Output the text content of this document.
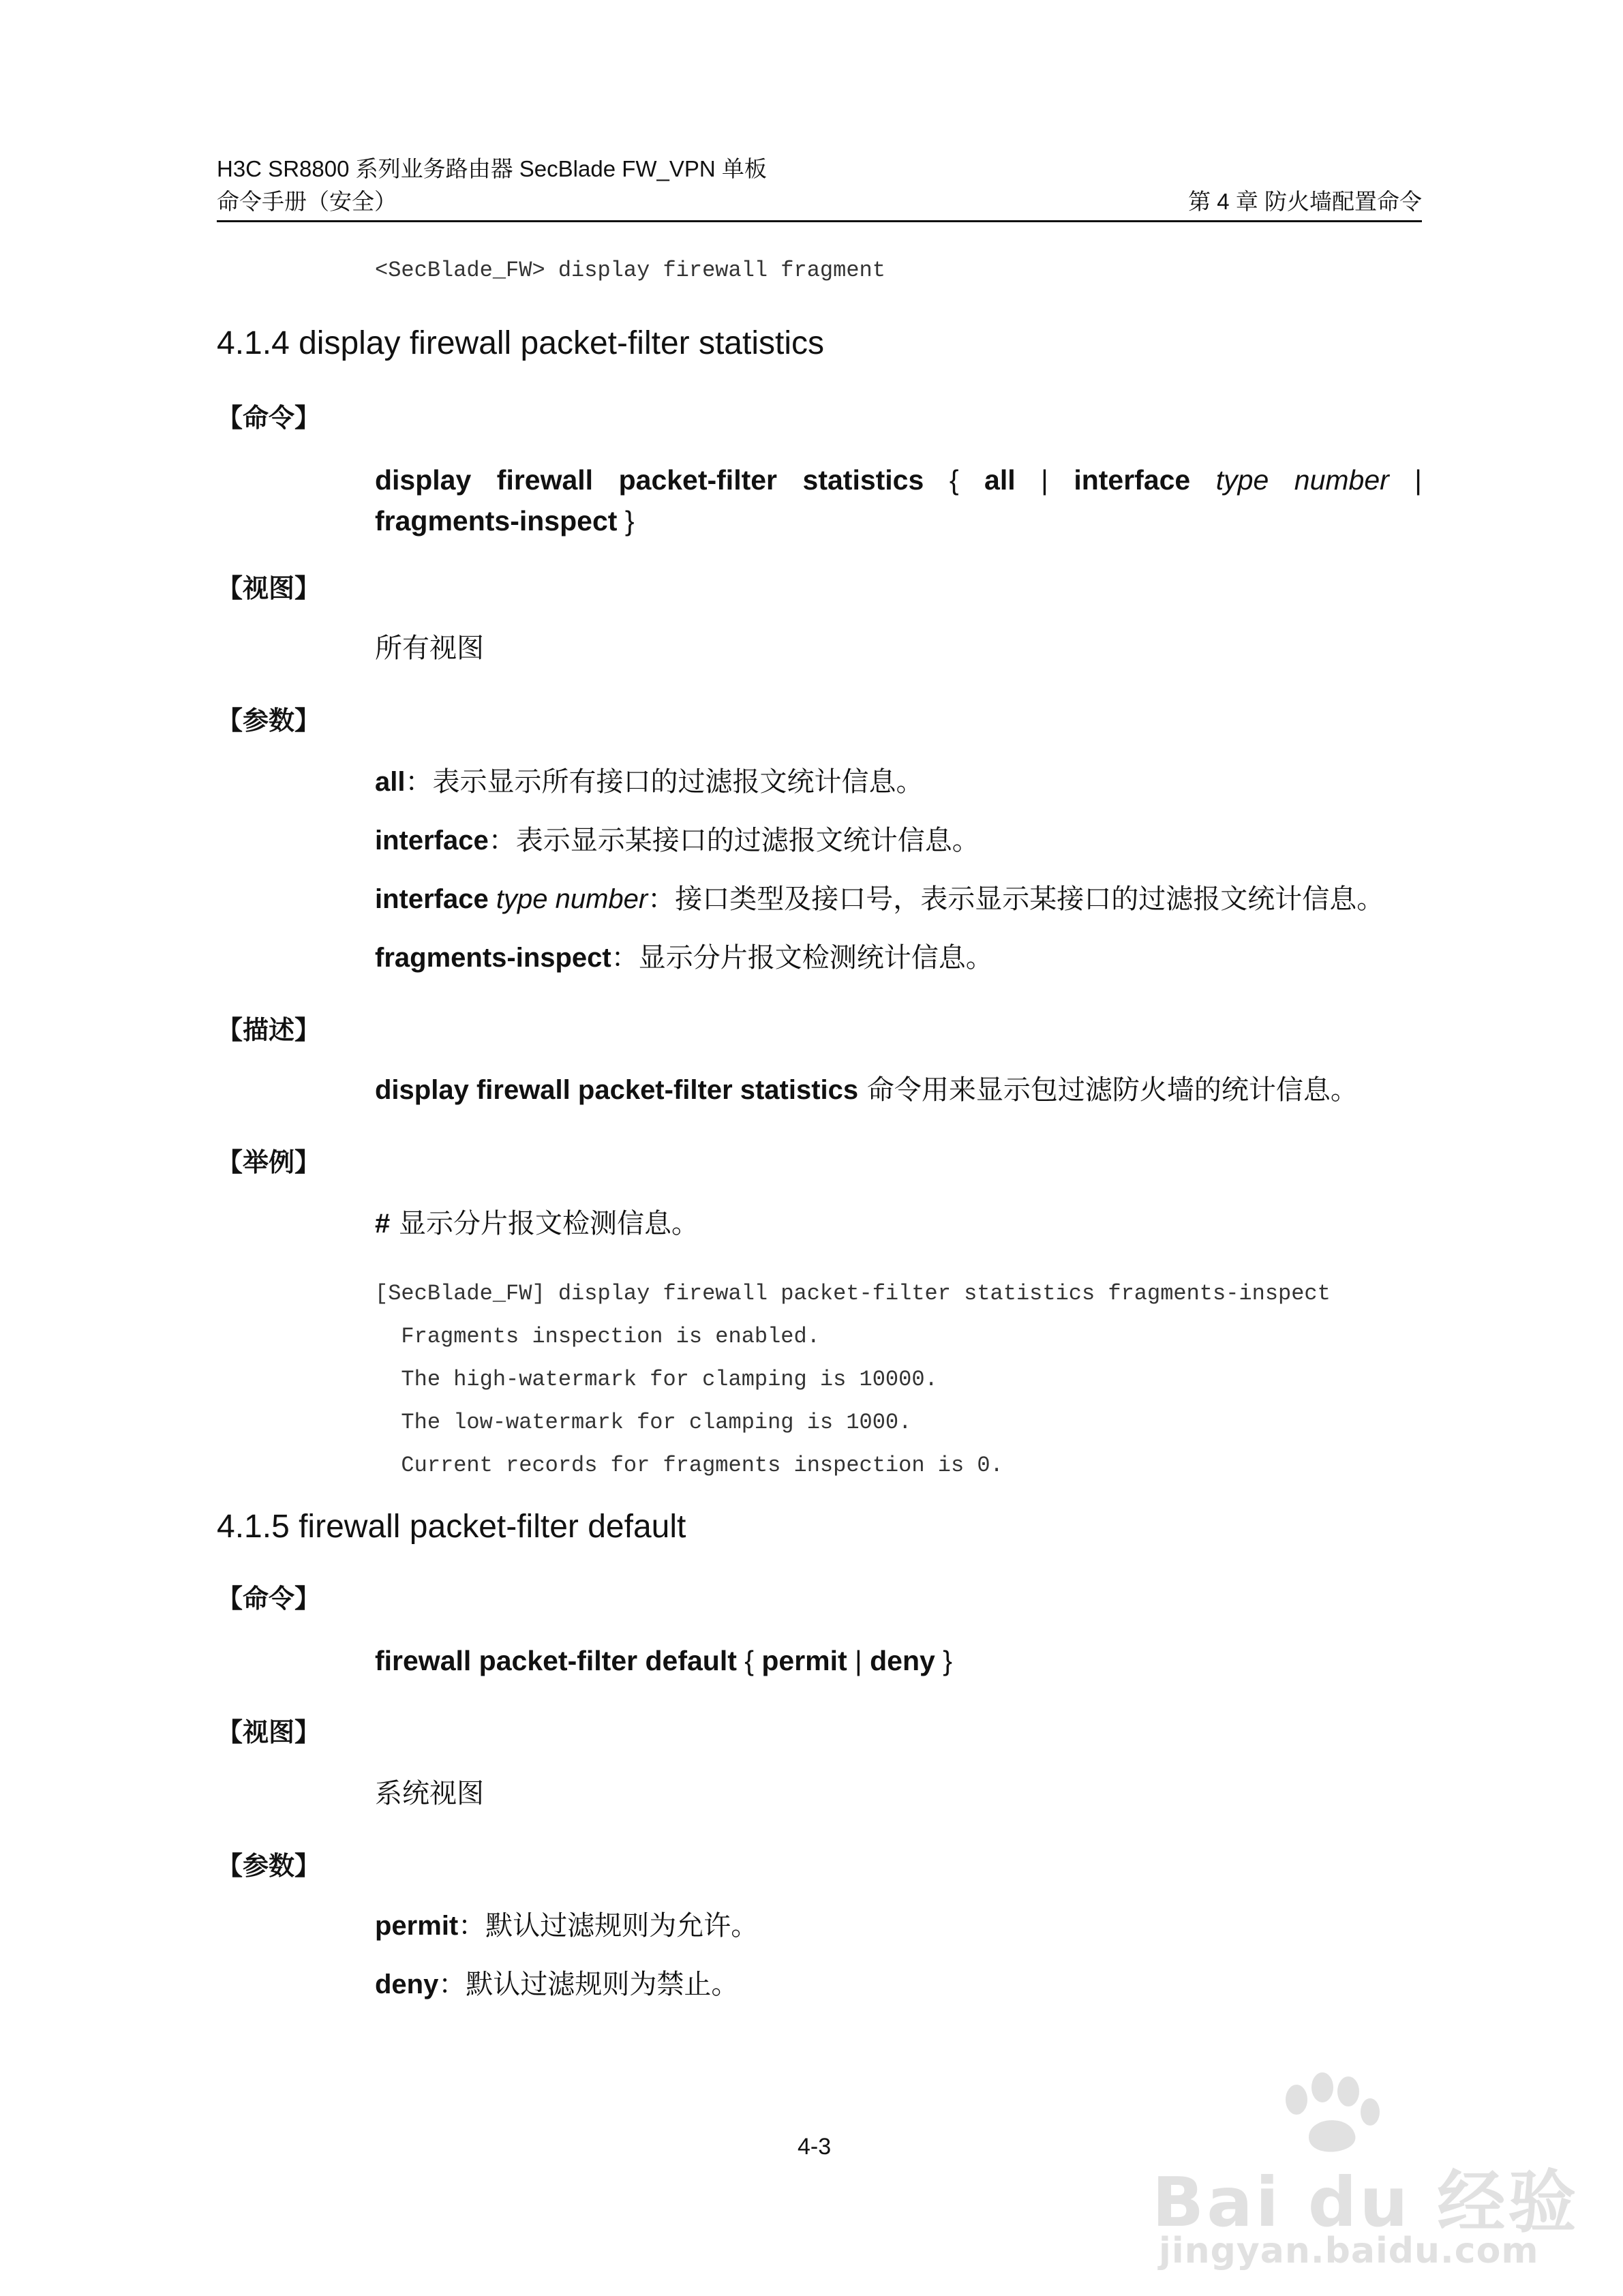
H3C SR8800 系列业务路由器 SecBlade FW_VPN 单板
命令手册（安全）	第 4 章 防火墙配置命令
<SecBlade_FW> display firewall fragment
4.1.4 display firewall packet-filter statistics
【命令】
display firewall packet-filter statistics { all | interface type number |
fragments-inspect }
【视图】
所有视图
【参数】
all：表示显示所有接口的过滤报文统计信息。
interface：表示显示某接口的过滤报文统计信息。
interface type number：接口类型及接口号，表示显示某接口的过滤报文统计信息。
fragments-inspect：显示分片报文检测统计信息。
【描述】
display firewall packet-filter statistics 命令用来显示包过滤防火墙的统计信息。
【举例】
# 显示分片报文检测信息。
[SecBlade_FW] display firewall packet-filter statistics fragments-inspect
Fragments inspection is enabled.
The high-watermark for clamping is 10000.
The low-watermark for clamping is 1000.
Current records for fragments inspection is 0.
4.1.5 firewall packet-filter default
【命令】
firewall packet-filter default { permit | deny }
【视图】
系统视图
【参数】
permit：默认过滤规则为允许。
deny：默认过滤规则为禁止。
4-3
Bai du 经验
jingyan.baidu.com
